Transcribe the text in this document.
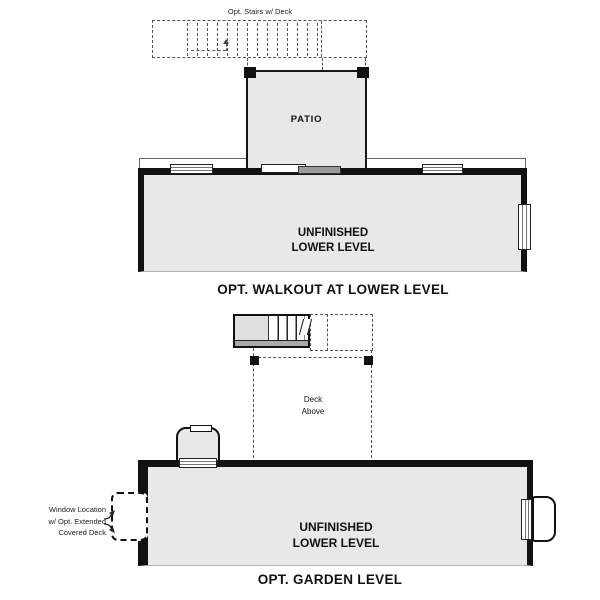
Opt. Stairs w/ Deck
PATIO
UNFINISHED
LOWER LEVEL
OPT. WALKOUT AT LOWER LEVEL
Deck
Above
Window Location
w/ Opt. Extended
Covered Deck	UNFINISHED
LOWER LEVEL
OPT. GARDEN LEVEL
